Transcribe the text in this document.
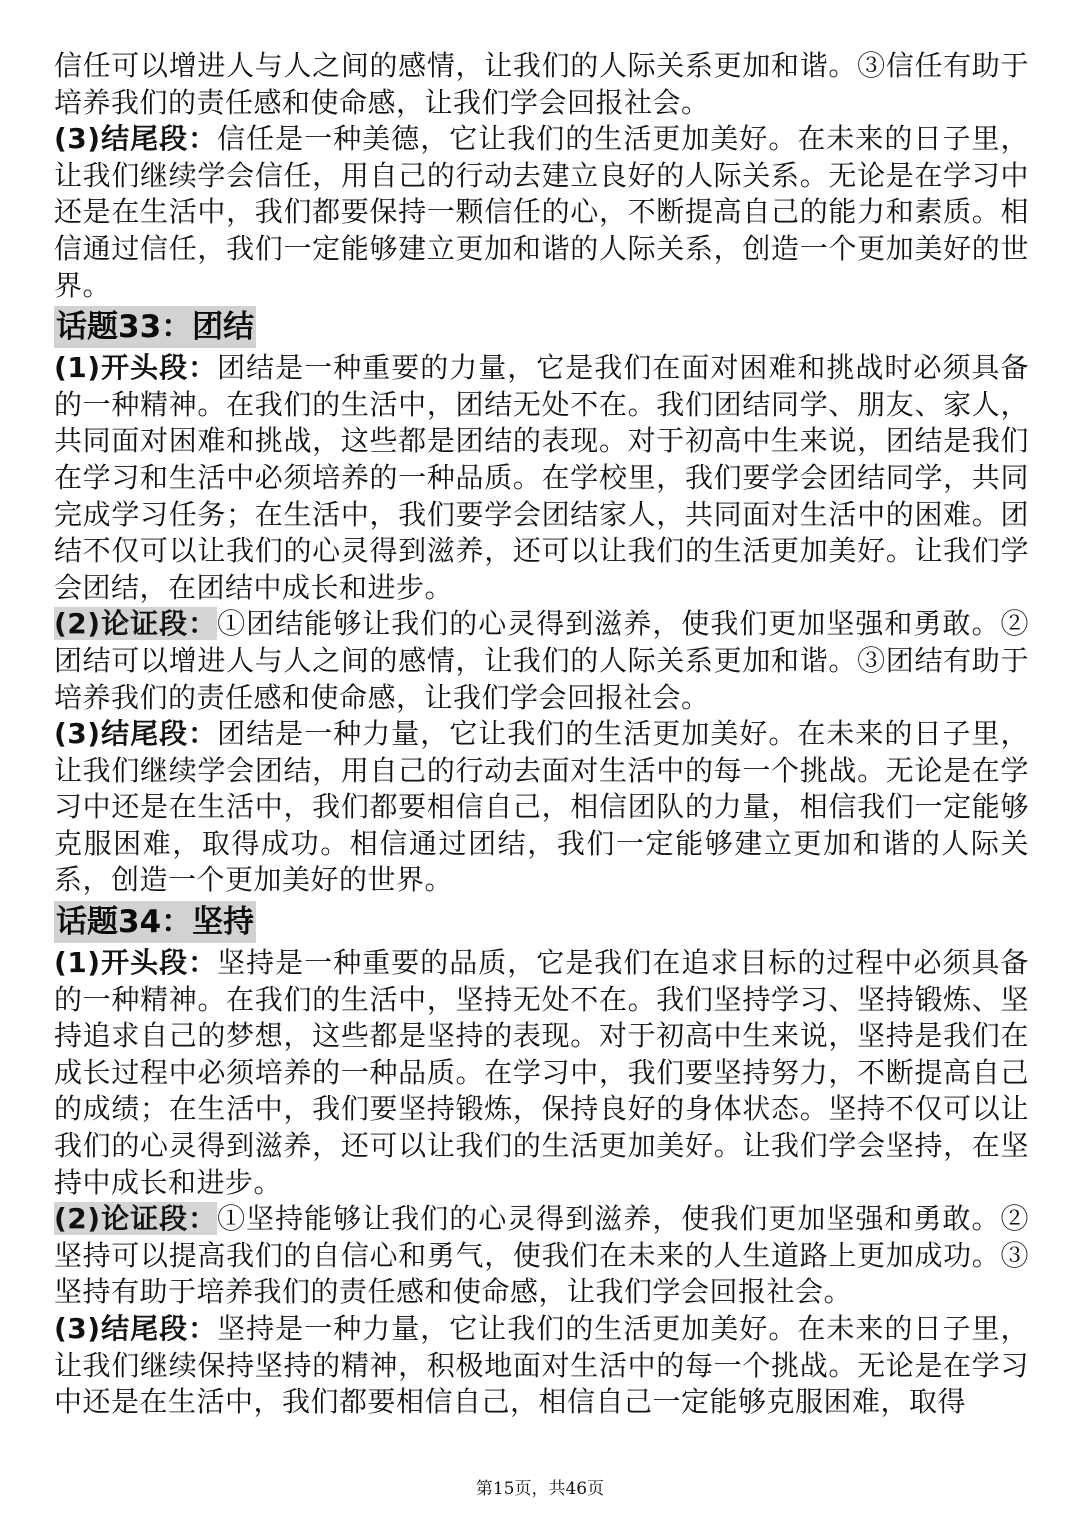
信任可以增进人与人之间的感情，让我们的人际关系更加和谐。③信任有助于培养我们的责任感和使命感，让我们学会回报社会。

(3)结尾段：信任是一种美德，它让我们的生活更加美好。在未来的日子里，让我们继续学会信任，用自己的行动去建立良好的人际关系。无论是在学习中还是在生活中，我们都要保持一颗信任的心，不断提高自己的能力和素质。相信通过信任，我们一定能够建立更加和谐的人际关系，创造一个更加美好的世界。

话题33：团结

(1)开头段：团结是一种重要的力量，它是我们在面对困难和挑战时必须具备的一种精神。在我们的生活中，团结无处不在。我们团结同学、朋友、家人，共同面对困难和挑战，这些都是团结的表现。对于初高中生来说，团结是我们在学习和生活中必须培养的一种品质。在学校里，我们要学会团结同学，共同完成学习任务；在生活中，我们要学会团结家人，共同面对生活中的困难。团结不仅可以让我们的心灵得到滋养，还可以让我们的生活更加美好。让我们学会团结，在团结中成长和进步。

(2)论证段：①团结能够让我们的心灵得到滋养，使我们更加坚强和勇敢。②团结可以增进人与人之间的感情，让我们的人际关系更加和谐。③团结有助于培养我们的责任感和使命感，让我们学会回报社会。

(3)结尾段：团结是一种力量，它让我们的生活更加美好。在未来的日子里，让我们继续学会团结，用自己的行动去面对生活中的每一个挑战。无论是在学习中还是在生活中，我们都要相信自己，相信团队的力量，相信我们一定能够克服困难，取得成功。相信通过团结，我们一定能够建立更加和谐的人际关系，创造一个更加美好的世界。

话题34：坚持

(1)开头段：坚持是一种重要的品质，它是我们在追求目标的过程中必须具备的一种精神。在我们的生活中，坚持无处不在。我们坚持学习、坚持锻炼、坚持追求自己的梦想，这些都是坚持的表现。对于初高中生来说，坚持是我们在成长过程中必须培养的一种品质。在学习中，我们要坚持努力，不断提高自己的成绩；在生活中，我们要坚持锻炼，保持良好的身体状态。坚持不仅可以让我们的心灵得到滋养，还可以让我们的生活更加美好。让我们学会坚持，在坚持中成长和进步。

(2)论证段：①坚持能够让我们的心灵得到滋养，使我们更加坚强和勇敢。②坚持可以提高我们的自信心和勇气，使我们在未来的人生道路上更加成功。③坚持有助于培养我们的责任感和使命感，让我们学会回报社会。

(3)结尾段：坚持是一种力量，它让我们的生活更加美好。在未来的日子里，让我们继续保持坚持的精神，积极地面对生活中的每一个挑战。无论是在学习中还是在生活中，我们都要相信自己，相信自己一定能够克服困难，取得

第15页，共46页
